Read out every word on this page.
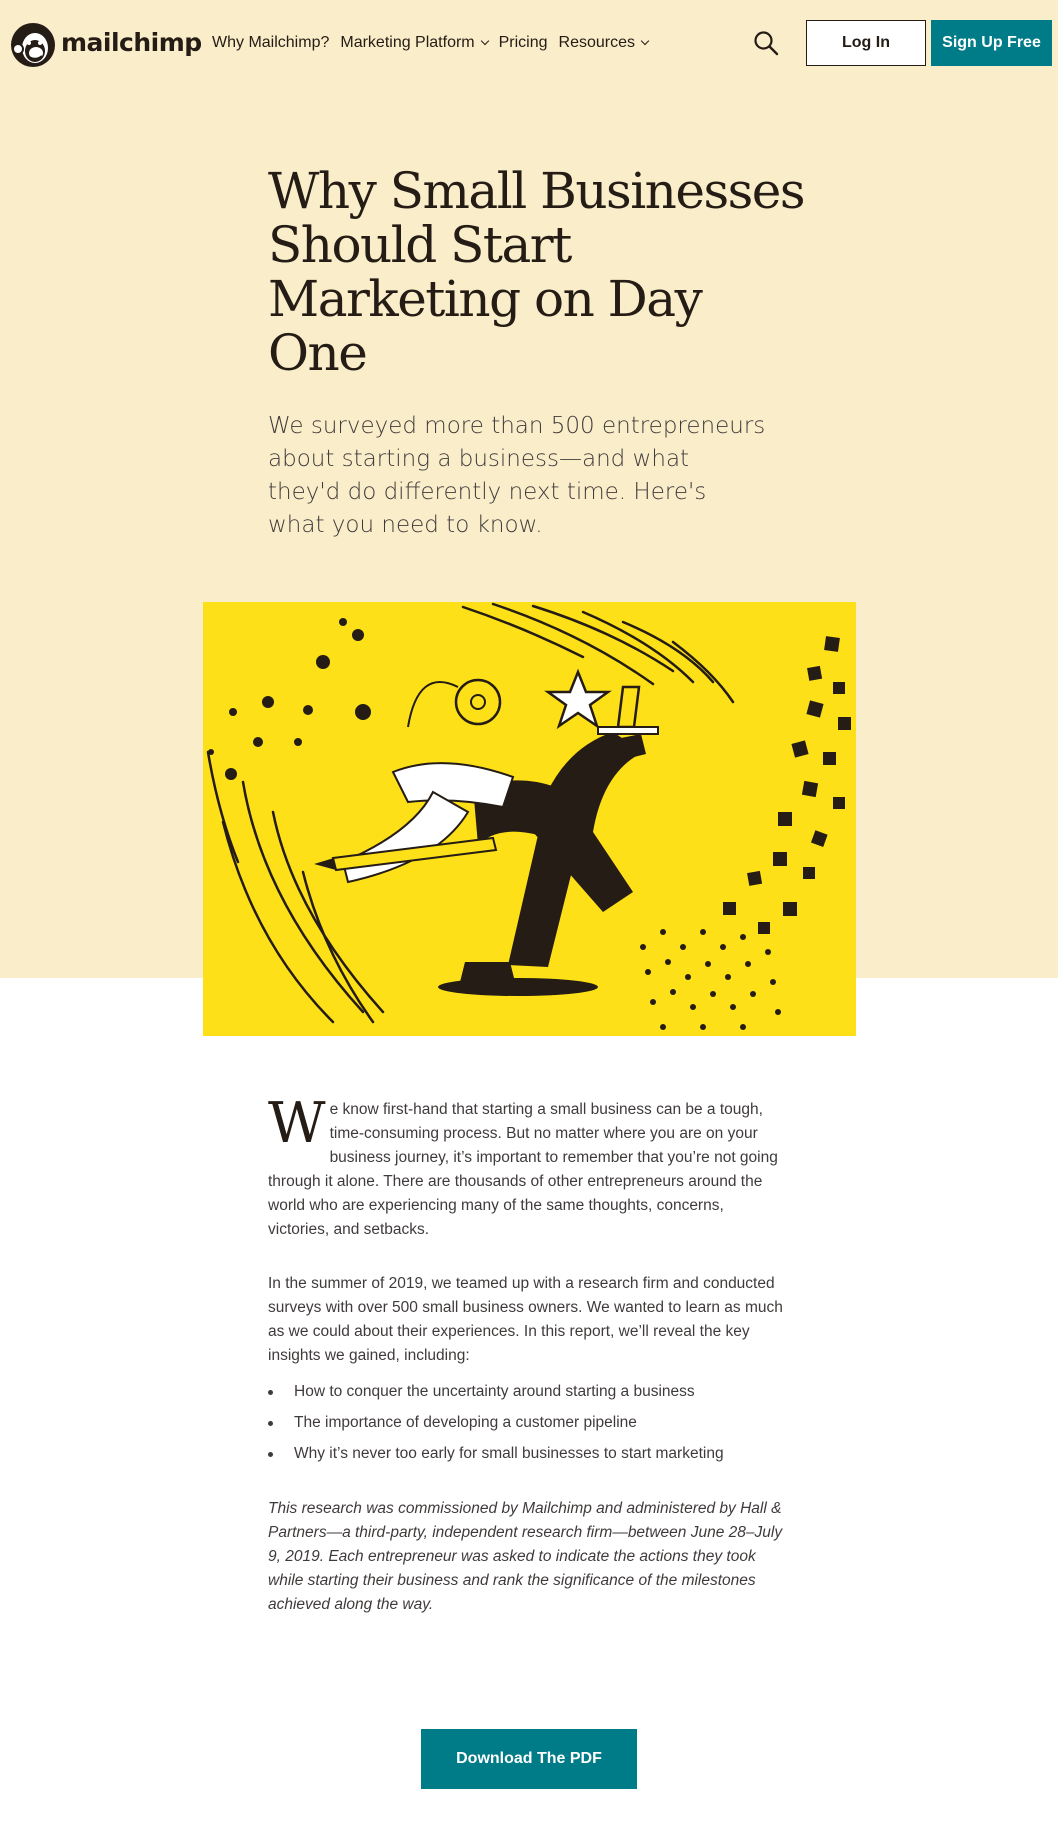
mailchimp Why Mailchimp? Marketing Platform Pricing Resources	Log In	Sign Up Free
Why Small Businesses Should Start Marketing on Day One

We surveyed more than 500 entrepreneurs about starting a business—and what they'd do differently next time. Here's what you need to know.

We know first-hand that starting a small business can be a tough, time-consuming process. But no matter where you are on your business journey, it’s important to remember that you’re not going through it alone. There are thousands of other entrepreneurs around the world who are experiencing many of the same thoughts, concerns, victories, and setbacks.

In the summer of 2019, we teamed up with a research firm and conducted surveys with over 500 small business owners. We wanted to learn as much as we could about their experiences. In this report, we’ll reveal the key insights we gained, including:

How to conquer the uncertainty around starting a business
The importance of developing a customer pipeline
Why it’s never too early for small businesses to start marketing

This research was commissioned by Mailchimp and administered by Hall & Partners—a third-party, independent research firm—between June 28–July 9, 2019. Each entrepreneur was asked to indicate the actions they took while starting their business and rank the significance of the milestones achieved along the way.

Download The PDF
